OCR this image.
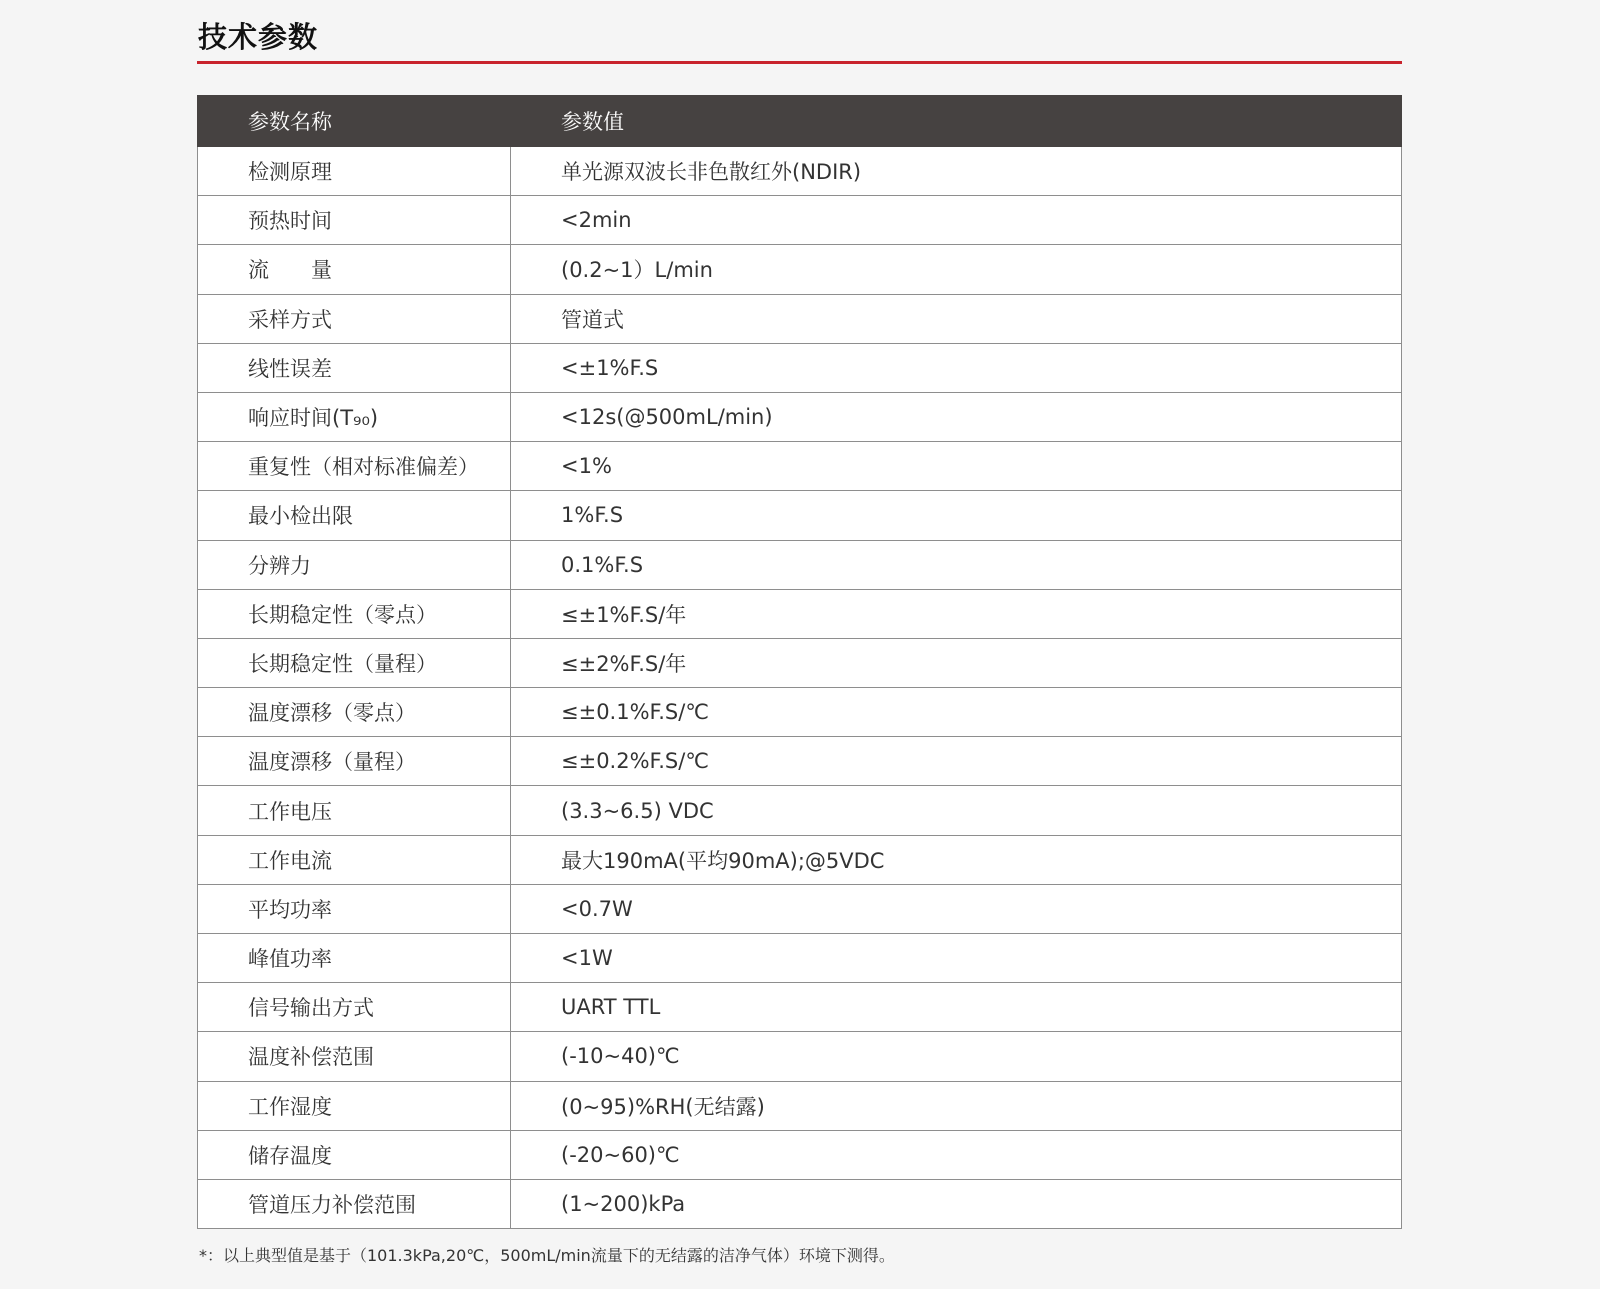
技术参数
参数名称	参数值
检测原理	单光源双波长非色散红外(NDIR)
预热时间	<2min
流　　量	(0.2~1）L/min
采样方式	管道式
线性误差	<±1%F.S
响应时间(T₉₀)	<12s(@500mL/min)
重复性（相对标准偏差）	<1%
最小检出限	1%F.S
分辨力	0.1%F.S
长期稳定性（零点）	≤±1%F.S/年
长期稳定性（量程）	≤±2%F.S/年
温度漂移（零点）	≤±0.1%F.S/℃
温度漂移（量程）	≤±0.2%F.S/℃
工作电压	(3.3~6.5) VDC
工作电流	最大190mA(平均90mA);@5VDC
平均功率	<0.7W
峰值功率	<1W
信号输出方式	UART TTL
温度补偿范围	(-10~40)℃
工作湿度	(0~95)%RH(无结露)
储存温度	(-20~60)℃
管道压力补偿范围	(1~200)kPa
*：以上典型值是基于（101.3kPa,20℃，500mL/min流量下的无结露的洁净气体）环境下测得。
